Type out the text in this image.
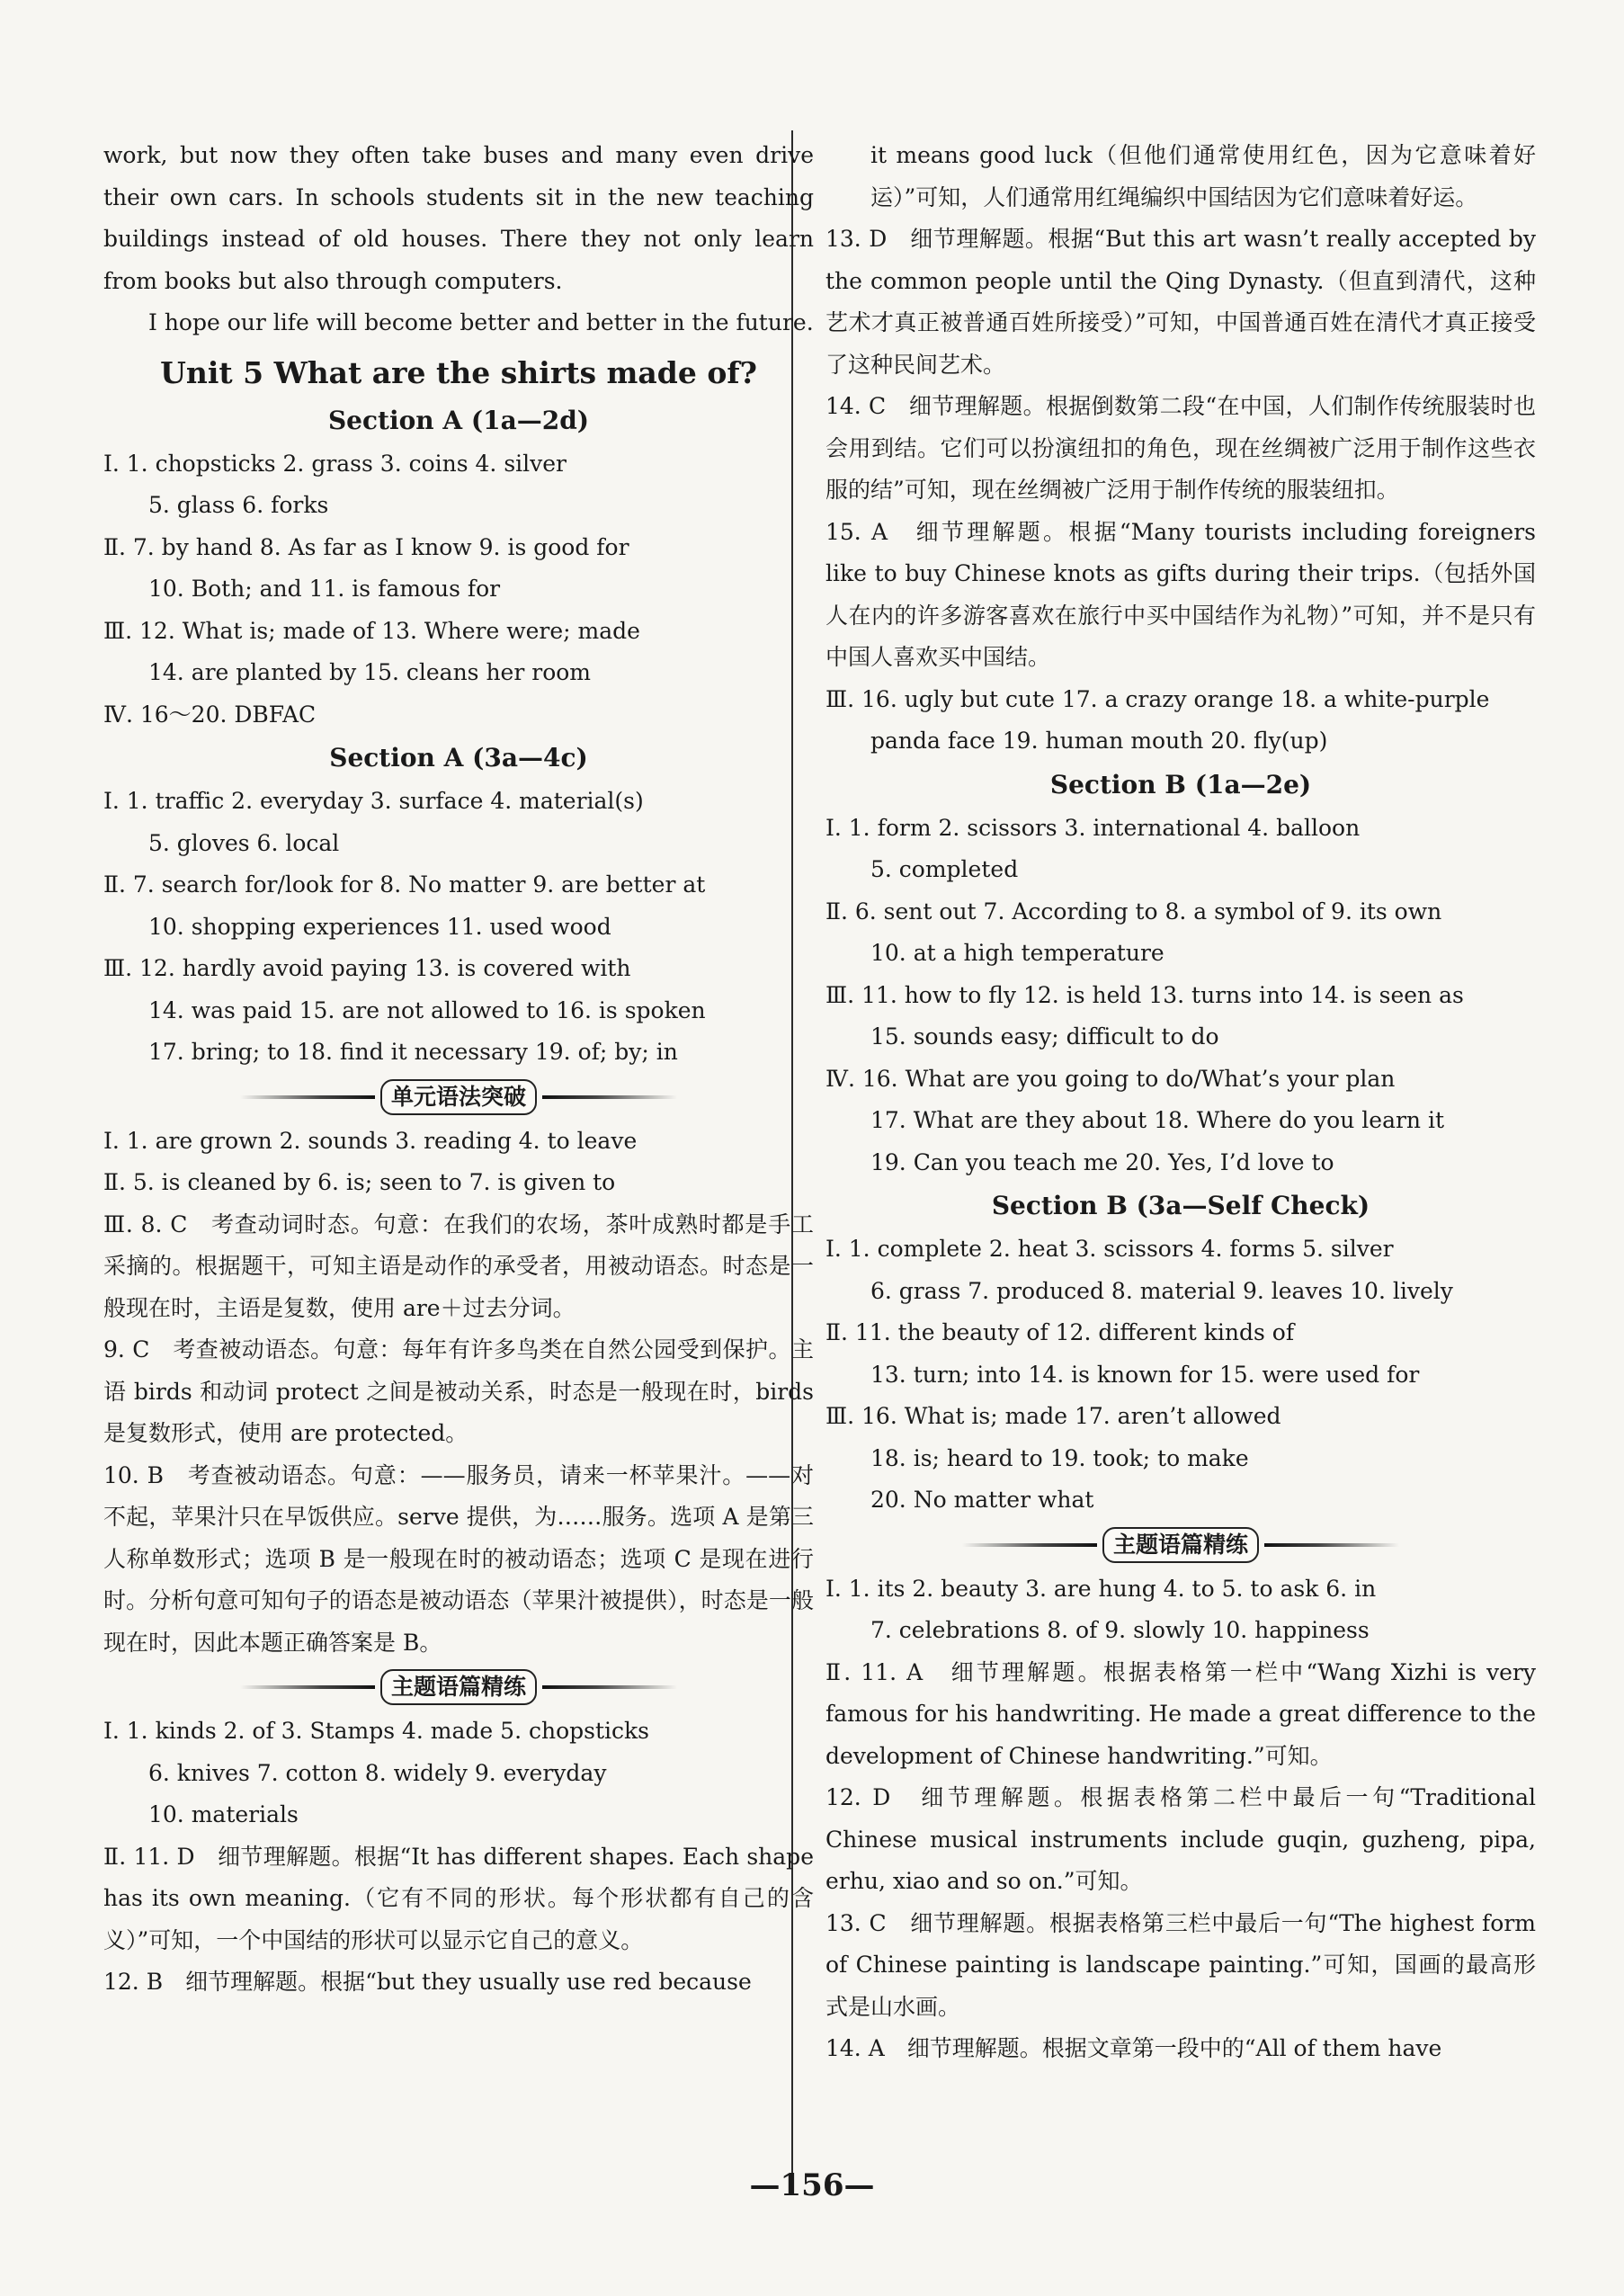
work, but now they often take buses and many even drive their own cars. In schools students sit in the new teaching buildings instead of old houses. There they not only learn from books but also through computers.

I hope our life will become better and better in the future.

Unit 5 What are the shirts made of?
Section A (1a—2d)
Ⅰ. 1. chopsticks 2. grass 3. coins 4. silver
5. glass 6. forks
Ⅱ. 7. by hand 8. As far as I know 9. is good for
10. Both; and 11. is famous for
Ⅲ. 12. What is; made of 13. Where were; made
14. are planted by 15. cleans her room
Ⅳ. 16～20. DBFAC
Section A (3a—4c)
Ⅰ. 1. traffic 2. everyday 3. surface 4. material(s)
5. gloves 6. local
Ⅱ. 7. search for/look for 8. No matter 9. are better at
10. shopping experiences 11. used wood
Ⅲ. 12. hardly avoid paying 13. is covered with
14. was paid 15. are not allowed to 16. is spoken
17. bring; to 18. find it necessary 19. of; by; in
单元语法突破
Ⅰ. 1. are grown 2. sounds 3. reading 4. to leave
Ⅱ. 5. is cleaned by 6. is; seen to 7. is given to
Ⅲ. 8. C　考查动词时态。句意：在我们的农场，茶叶成熟时都是手工采摘的。根据题干，可知主语是动作的承受者，用被动语态。时态是一般现在时，主语是复数，使用 are＋过去分词。
9. C　考查被动语态。句意：每年有许多鸟类在自然公园受到保护。主语 birds 和动词 protect 之间是被动关系，时态是一般现在时，birds 是复数形式，使用 are protected。
10. B　考查被动语态。句意：——服务员，请来一杯苹果汁。——对不起，苹果汁只在早饭供应。serve 提供，为……服务。选项 A 是第三人称单数形式；选项 B 是一般现在时的被动语态；选项 C 是现在进行时。分析句意可知句子的语态是被动语态（苹果汁被提供），时态是一般现在时，因此本题正确答案是 B。
主题语篇精练
Ⅰ. 1. kinds 2. of 3. Stamps 4. made 5. chopsticks
6. knives 7. cotton 8. widely 9. everyday
10. materials
Ⅱ. 11. D　细节理解题。根据“It has different shapes. Each shape has its own meaning.（它有不同的形状。每个形状都有自己的含义）”可知，一个中国结的形状可以显示它自己的意义。
12. B　细节理解题。根据“but they usually use red because
it means good luck（但他们通常使用红色，因为它意味着好运）”可知，人们通常用红绳编织中国结因为它们意味着好运。
13. D　细节理解题。根据“But this art wasn’t really accepted by the common people until the Qing Dynasty.（但直到清代，这种艺术才真正被普通百姓所接受）”可知，中国普通百姓在清代才真正接受了这种民间艺术。
14. C　细节理解题。根据倒数第二段“在中国，人们制作传统服装时也会用到结。它们可以扮演纽扣的角色，现在丝绸被广泛用于制作这些衣服的结”可知，现在丝绸被广泛用于制作传统的服装纽扣。
15. A　细节理解题。根据“Many tourists including foreigners like to buy Chinese knots as gifts during their trips.（包括外国人在内的许多游客喜欢在旅行中买中国结作为礼物）”可知，并不是只有中国人喜欢买中国结。
Ⅲ. 16. ugly but cute 17. a crazy orange 18. a white-purple
panda face 19. human mouth 20. fly(up)
Section B (1a—2e)
Ⅰ. 1. form 2. scissors 3. international 4. balloon
5. completed
Ⅱ. 6. sent out 7. According to 8. a symbol of 9. its own
10. at a high temperature
Ⅲ. 11. how to fly 12. is held 13. turns into 14. is seen as
15. sounds easy; difficult to do
Ⅳ. 16. What are you going to do/What’s your plan
17. What are they about 18. Where do you learn it
19. Can you teach me 20. Yes, I’d love to
Section B (3a—Self Check)
Ⅰ. 1. complete 2. heat 3. scissors 4. forms 5. silver
6. grass 7. produced 8. material 9. leaves 10. lively
Ⅱ. 11. the beauty of 12. different kinds of
13. turn; into 14. is known for 15. were used for
Ⅲ. 16. What is; made 17. aren’t allowed
18. is; heard to 19. took; to make
20. No matter what
主题语篇精练
Ⅰ. 1. its 2. beauty 3. are hung 4. to 5. to ask 6. in
7. celebrations 8. of 9. slowly 10. happiness
Ⅱ. 11. A　细节理解题。根据表格第一栏中“Wang Xizhi is very famous for his handwriting. He made a great difference to the development of Chinese handwriting.”可知。
12. D　细节理解题。根据表格第二栏中最后一句“Traditional Chinese musical instruments include guqin, guzheng, pipa, erhu, xiao and so on.”可知。
13. C　细节理解题。根据表格第三栏中最后一句“The highest form of Chinese painting is landscape painting.”可知，国画的最高形式是山水画。
14. A　细节理解题。根据文章第一段中的“All of them have
—156—
